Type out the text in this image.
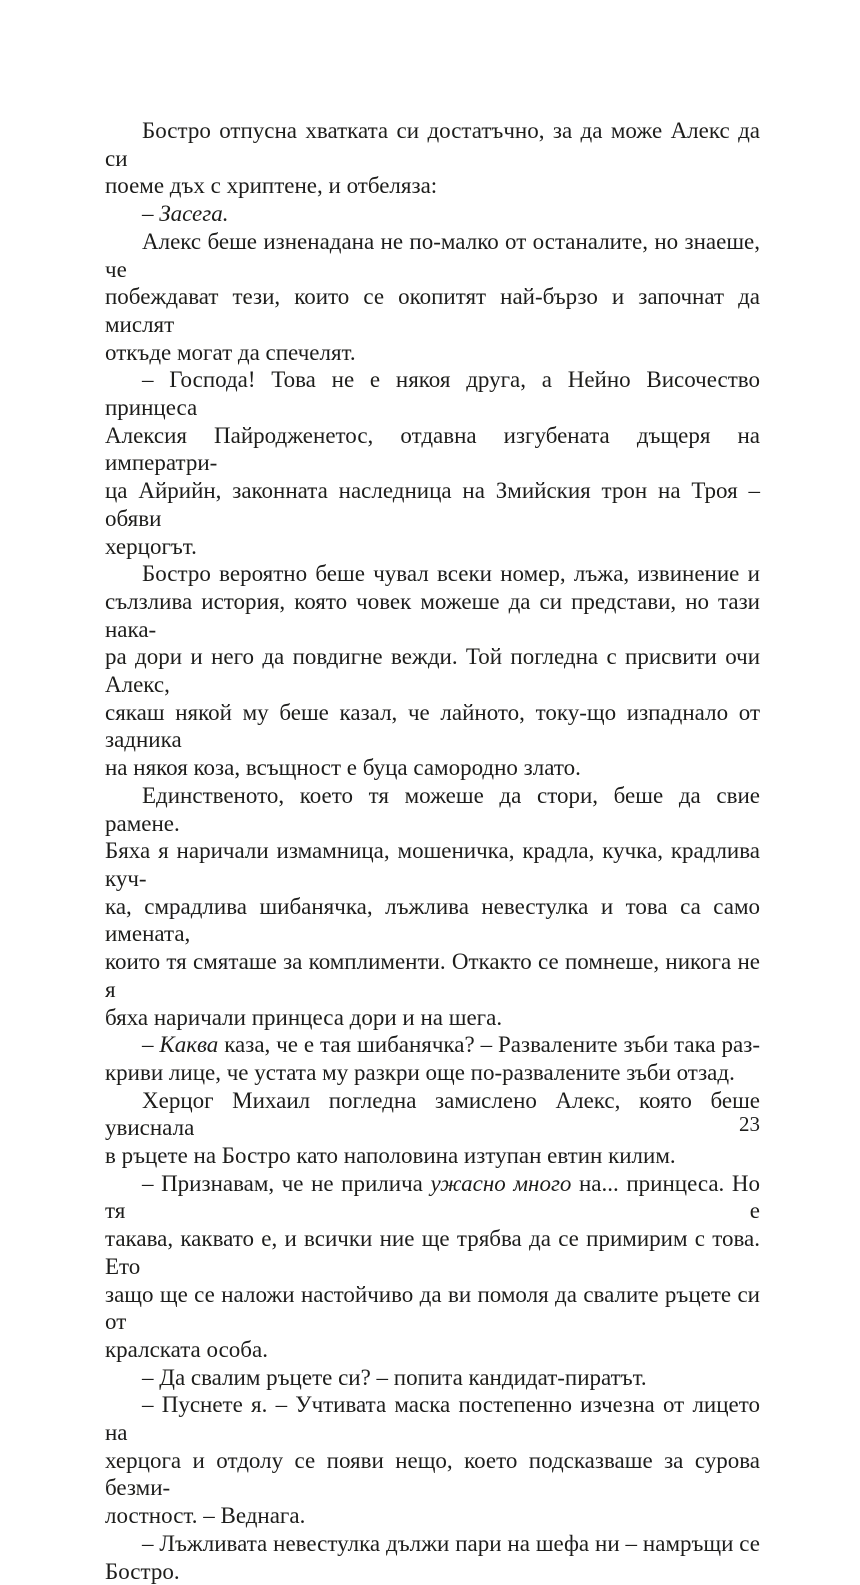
Бостро отпусна хватката си достатъчно, за да може Алекс да си
поеме дъх с хриптене, и отбеляза:
– Засега.
Алекс беше изненадана не по-малко от останалите, но знаеше, че
побеждават тези, които се окопитят най-бързо и започнат да мислят
откъде могат да спечелят.
– Господа! Това не е някоя друга, а Нейно Височество принцеса
Алексия Пайродженетос, отдавна изгубената дъщеря на императри-
ца Айрийн, законната наследница на Змийския трон на Троя – обяви
херцогът.
Бостро вероятно беше чувал всеки номер, лъжа, извинение и
сълзлива история, която човек можеше да си представи, но тази нака-
ра дори и него да повдигне вежди. Той погледна с присвити очи Алекс,
сякаш някой му беше казал, че лайното, току-що изпаднало от задника
на някоя коза, всъщност е буца самородно злато.
Единственото, което тя можеше да стори, беше да свие рамене.
Бяха я наричали измамница, мошеничка, крадла, кучка, крадлива куч-
ка, смрадлива шибанячка, лъжлива невестулка и това са само имената,
които тя смяташе за комплименти. Откакто се помнеше, никога не я
бяха наричали принцеса дори и на шега.
– Каква каза, че е тая шибанячка? – Развалените зъби така раз-
криви лице, че устата му разкри още по-развалените зъби отзад.
Херцог Михаил погледна замислено Алекс, която беше увиснала
в ръцете на Бостро като наполовина изтупан евтин килим.
– Признавам, че не прилича ужасно много на... принцеса. Но тя е
такава, каквато е, и всички ние ще трябва да се примирим с това. Ето
защо ще се наложи настойчиво да ви помоля да свалите ръцете си от
кралската особа.
– Да свалим ръцете си? – попита кандидат-пиратът.
– Пуснете я. – Учтивата маска постепенно изчезна от лицето на
херцога и отдолу се появи нещо, което подсказваше за сурова безми-
лостност. – Веднага.
– Лъжливата невестулка дължи пари на шефа ни – намръщи се
Бостро.
23
